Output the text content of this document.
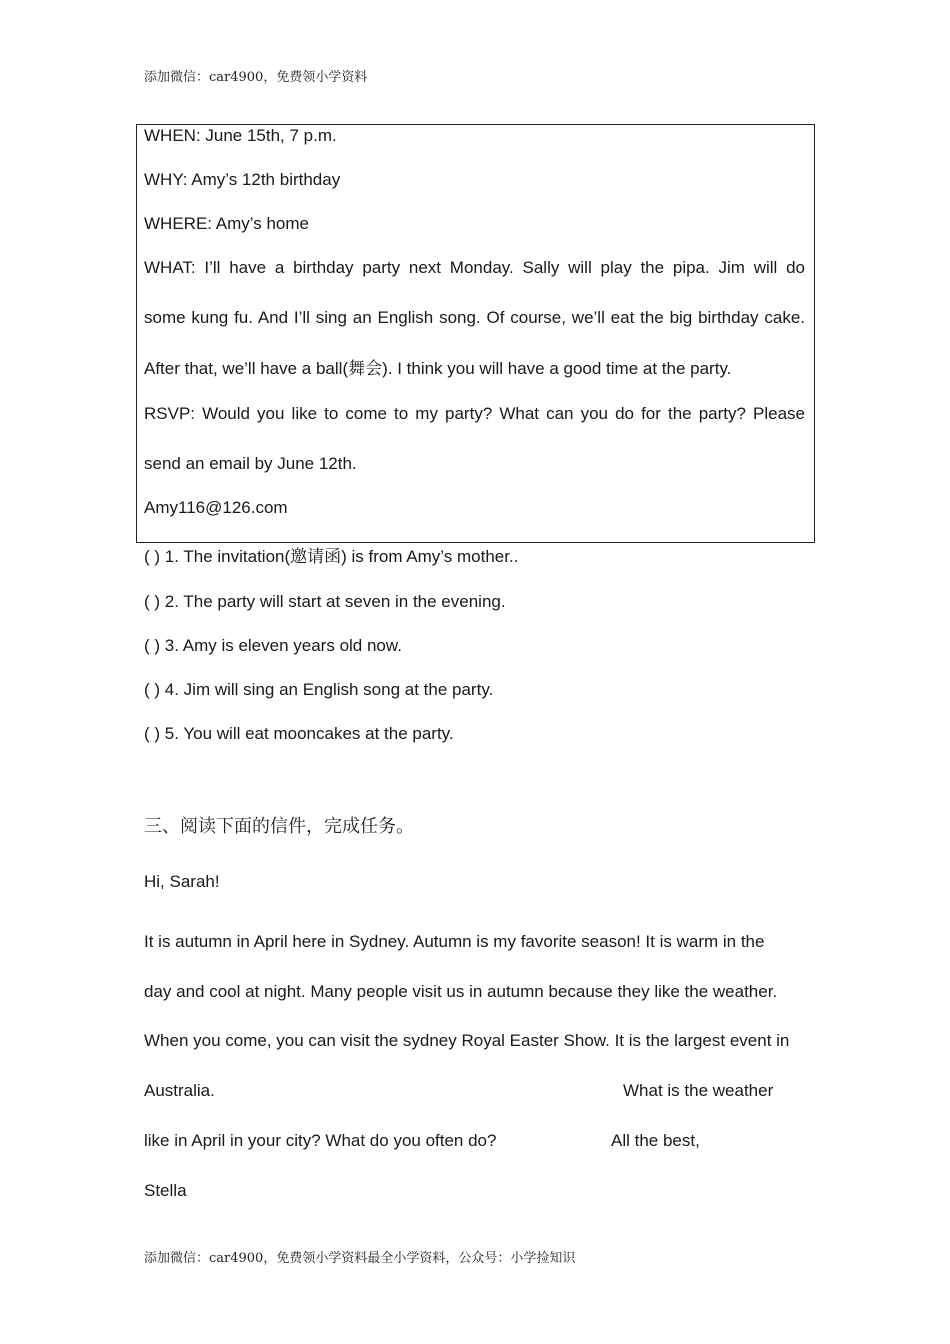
添加微信：car4900，免费领小学资料
WHEN: June 15th, 7 p.m.
WHY: Amy’s 12th birthday
WHERE: Amy’s home
WHAT: I’ll have a birthday party next Monday. Sally will play the pipa. Jim will do
some kung fu. And I’ll sing an English song. Of course, we’ll eat the big birthday cake.
After that, we’ll have a ball(舞会). I think you will have a good time at the party.
RSVP: Would you like to come to my party? What can you do for the party? Please
send an email by June 12th.
Amy116@126.com
( ) 1. The invitation(邀请函) is from Amy’s mother..
( ) 2. The party will start at seven in the evening.
( ) 3. Amy is eleven years old now.
( ) 4. Jim will sing an English song at the party.
( ) 5. You will eat mooncakes at the party.
三、阅读下面的信件，完成任务。
Hi, Sarah!
It is autumn in April here in Sydney. Autumn is my favorite season! It is warm in the
day and cool at night. Many people visit us in autumn because they like the weather.
When you come, you can visit the sydney Royal Easter Show. It is the largest event in
Australia.	What is the weather
like in April in your city? What do you often do?	All the best,
Stella
添加微信：car4900，免费领小学资料最全小学资料，公众号：小学捡知识
